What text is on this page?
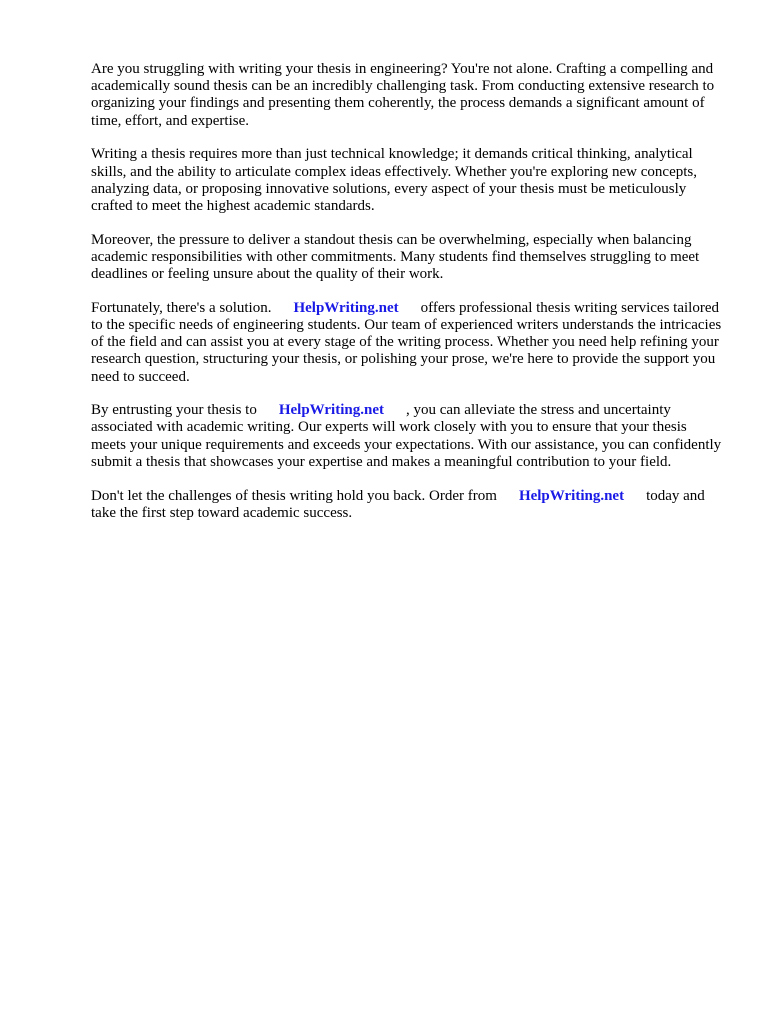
Are you struggling with writing your thesis in engineering? You're not alone. Crafting a compelling and academically sound thesis can be an incredibly challenging task. From conducting extensive research to organizing your findings and presenting them coherently, the process demands a significant amount of time, effort, and expertise.

Writing a thesis requires more than just technical knowledge; it demands critical thinking, analytical skills, and the ability to articulate complex ideas effectively. Whether you're exploring new concepts, analyzing data, or proposing innovative solutions, every aspect of your thesis must be meticulously crafted to meet the highest academic standards.

Moreover, the pressure to deliver a standout thesis can be overwhelming, especially when balancing academic responsibilities with other commitments. Many students find themselves struggling to meet deadlines or feeling unsure about the quality of their work.

Fortunately, there's a solution. HelpWriting.net offers professional thesis writing services tailored to the specific needs of engineering students. Our team of experienced writers understands the intricacies of the field and can assist you at every stage of the writing process. Whether you need help refining your research question, structuring your thesis, or polishing your prose, we're here to provide the support you need to succeed.

By entrusting your thesis to HelpWriting.net , you can alleviate the stress and uncertainty associated with academic writing. Our experts will work closely with you to ensure that your thesis meets your unique requirements and exceeds your expectations. With our assistance, you can confidently submit a thesis that showcases your expertise and makes a meaningful contribution to your field.

Don't let the challenges of thesis writing hold you back. Order from HelpWriting.net today and take the first step toward academic success.
